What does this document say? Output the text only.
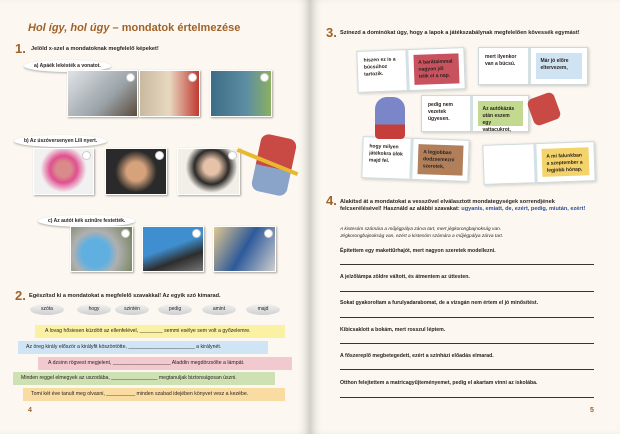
Hol így, hol úgy – mondatok értelmezése
1. Jelöld x-szel a mondatoknak megfelelő képeket!
a) Apáék lekésték a vonatot.
b) Az úszóversenyen Lili nyert.
c) Az autót kék színűre festették.
2. Egészítsd ki a mondatokat a megfelelő szavakkal! Az egyik szó kimarad.
szóta	hogy	szintén	pedig	amint	majd
A lovag hősiesen küzdött az ellenfelével, ________ semmi esélye sem volt a győzelemre.
Az öreg király először a királyfit köszöntötte, _______________________ a királynét.
A dzsinn rögvest megjelent, ____________________ Aladdin megdörzsölte a lámpát.
Minden reggel elmegyek az uszodába, ________________ megtanuljak biztonságosan úszni.
Tomi két éve tanult meg olvasni, __________ minden szabad idejében könyvet vesz a kezébe.
4
3. Színezd a dominókat úgy, hogy a lapok a játékszabálynak megfelelően kövessék egymást!
hiszen ez is a búcsúhoz tartozik.
A barátaimmal nagyon jól telik el a nap.
mert ilyenkor van a búcsú.	Már jó előre eltervezem,
pedig nem vezetek ügyesen.
Az autókázás után eszem egy vattacukrot,
hogy milyen játékokra ülök majd fel.
A legjobban dodzsemezni szeretek,
A mi falunkban a szeptember a legjobb hónap,
4. Alakítsd át a mondatokat a vesszővel elválasztott mondategységek sorrendjének felcserélésével! Használd az alábbi szavakat: ugyanis, emiatt, de, ezért, pedig, miután, ezért!
A kistesóm számára a műjégpálya zárva tart, mert jégkorongbajnokság van.
Jégkorongbajnokság van, ezért a kistesóm számára a műjégpálya zárva tart.
Építettem egy makettűrhajót, mert nagyon szeretek modellezni.
A jelzőlámpa zöldre váltott, és átmentem az úttesten.
Sokat gyakoroltam a furulyadarabomat, de a vizsgán nem értem el jó minősítést.
Kibicsaklott a bokám, mert rosszul léptem.
A főszereplő megbetegedett, ezért a színházi előadás elmarad.
Otthon felejtettem a matricagyűjteményemet, pedig el akartam vinni az iskolába.
5
